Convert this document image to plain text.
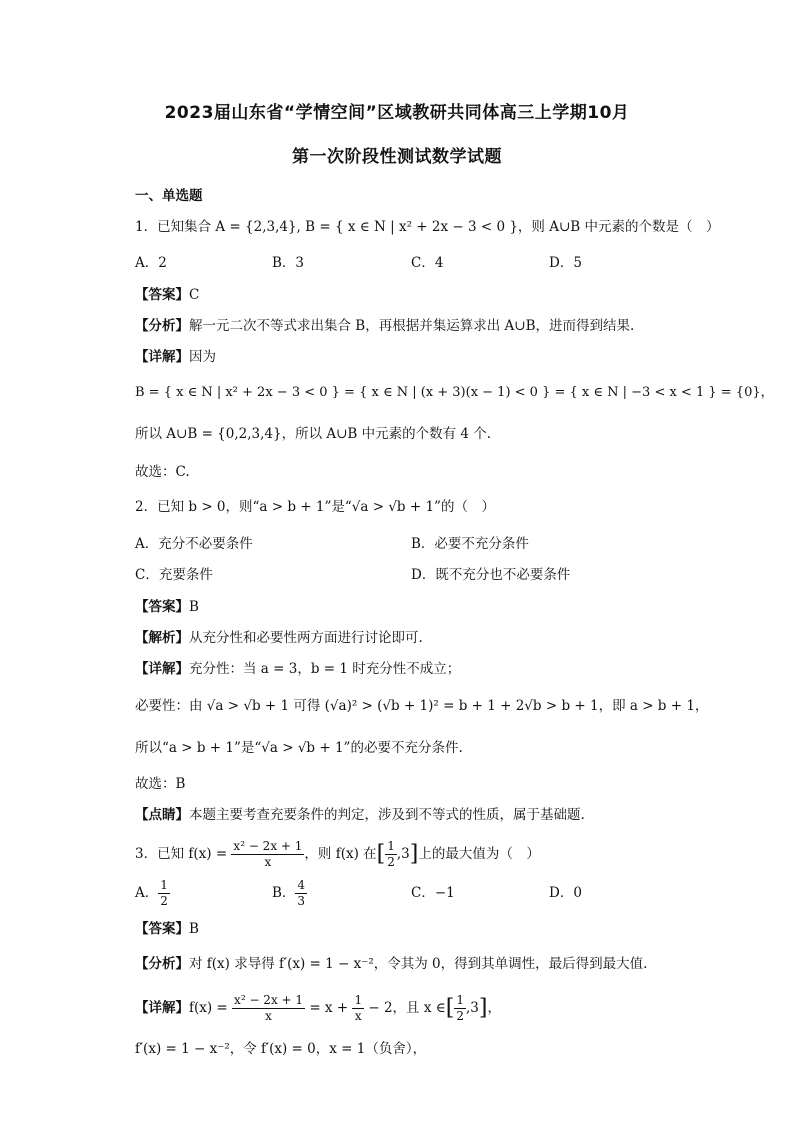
2023届山东省“学情空间”区域教研共同体高三上学期10月
第一次阶段性测试数学试题
一、单选题
1．已知集合 A = {2,3,4}, B = { x ∈ N | x² + 2x − 3 < 0 }，则 A∪B 中元素的个数是（　）
A．2	B．3	C．4	D．5
【答案】C
【分析】解一元二次不等式求出集合 B，再根据并集运算求出 A∪B，进而得到结果.
【详解】因为
B = { x ∈ N | x² + 2x − 3 < 0 } = { x ∈ N | (x + 3)(x − 1) < 0 } = { x ∈ N | −3 < x < 1 } = {0}，
所以 A∪B = {0,2,3,4}，所以 A∪B 中元素的个数有 4 个.
故选：C.
2．已知 b > 0，则“a > b + 1”是“√a > √b + 1”的（　）
A．充分不必要条件	B．必要不充分条件
C．充要条件	D．既不充分也不必要条件
【答案】B
【解析】从充分性和必要性两方面进行讨论即可.
【详解】充分性：当 a = 3，b = 1 时充分性不成立；
必要性：由 √a > √b + 1 可得 (√a)² > (√b + 1)² = b + 1 + 2√b > b + 1，即 a > b + 1，
所以“a > b + 1”是“√a > √b + 1”的必要不充分条件.
故选：B
【点睛】本题主要考查充要条件的判定，涉及到不等式的性质，属于基础题.
3．已知 $f(x) = \frac{\text{x² − 2x + 1}}{x}$ ，则 f(x) 在[ $\frac{1}{2} ,3$]上的最大值为（　）
A． $\frac{1}{2}$	B． $\frac{4}{3}$	C．−1	D．0
【答案】B
【分析】对 f(x) 求导得 f′(x) = 1 − x⁻²，令其为 0，得到其单调性，最后得到最大值.
【详解】$f(x) = \frac{\text{x² − 2x + 1}}{x} = x + \frac{1}{x} - 2$，且 x ∈[ $\frac{1}{2} ,3$]，
f′(x) = 1 − x⁻²，令 f′(x) = 0，x = 1（负舍），
